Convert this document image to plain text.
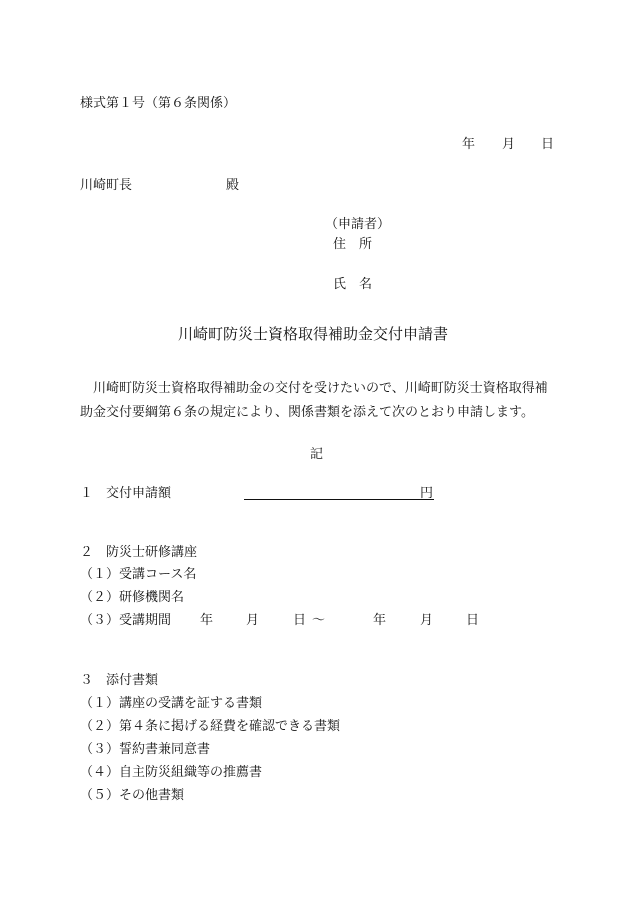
様式第１号（第６条関係）
年 月 日
川崎町長	殿
（申請者）
住　所
氏　名
川崎町防災士資格取得補助金交付申請書
川崎町防災士資格取得補助金の交付を受けたいので、川崎町防災士資格取得補
助金交付要綱第６条の規定により、関係書類を添えて次のとおり申請します。
記
１　交付申請額	円
２　防災士研修講座
（１）受講コース名
（２）研修機関名
（３）受講期間 年	月	日 ～	年	月	日
３　添付書類
（１）講座の受講を証する書類
（２）第４条に掲げる経費を確認できる書類
（３）誓約書兼同意書
（４）自主防災組織等の推薦書
（５）その他書類
